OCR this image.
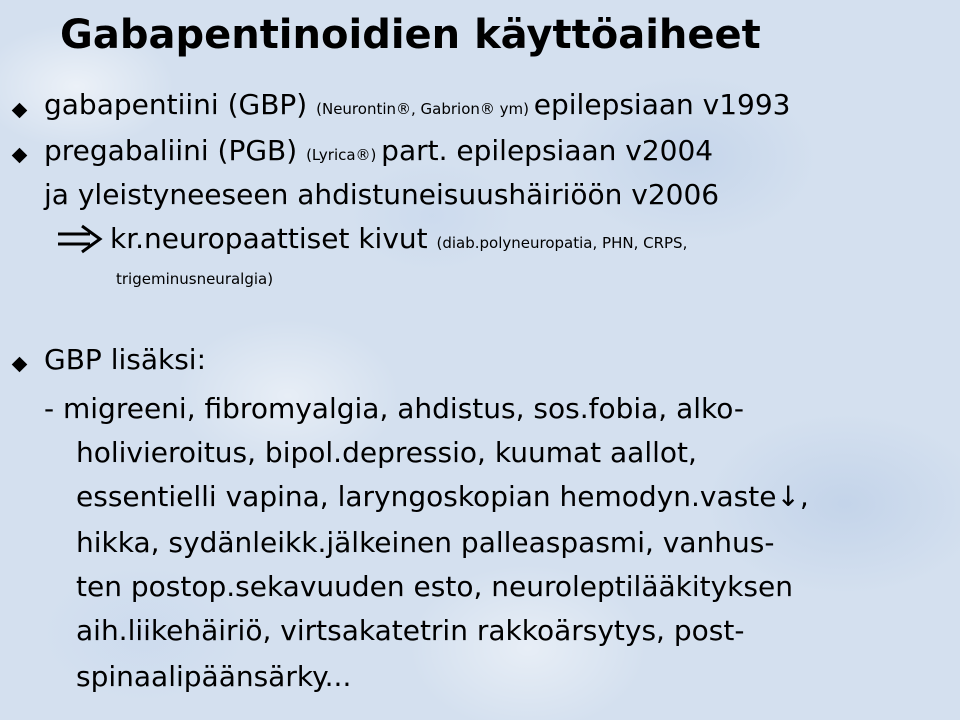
Gabapentinoidien käyttöaiheet
gabapentiini (GBP) (Neurontin®, Gabrion® ym) epilepsiaan v1993
pregabaliini (PGB) (Lyrica®) part. epilepsiaan v2004
ja yleistyneeseen ahdistuneisuushäiriöön v2006
kr.neuropaattiset kivut (diab.polyneuropatia, PHN, CRPS,
trigeminusneuralgia)
GBP lisäksi:
- migreeni, fibromyalgia, ahdistus, sos.fobia, alko-
holivieroitus, bipol.depressio, kuumat aallot,
essentielli vapina, laryngoskopian hemodyn.vaste↓,
hikka, sydänleikk.jälkeinen palleaspasmi, vanhus-
ten postop.sekavuuden esto, neuroleptilääkityksen
aih.liikehäiriö, virtsakatetrin rakkoärsytys, post-
spinaalipäänsärky...
